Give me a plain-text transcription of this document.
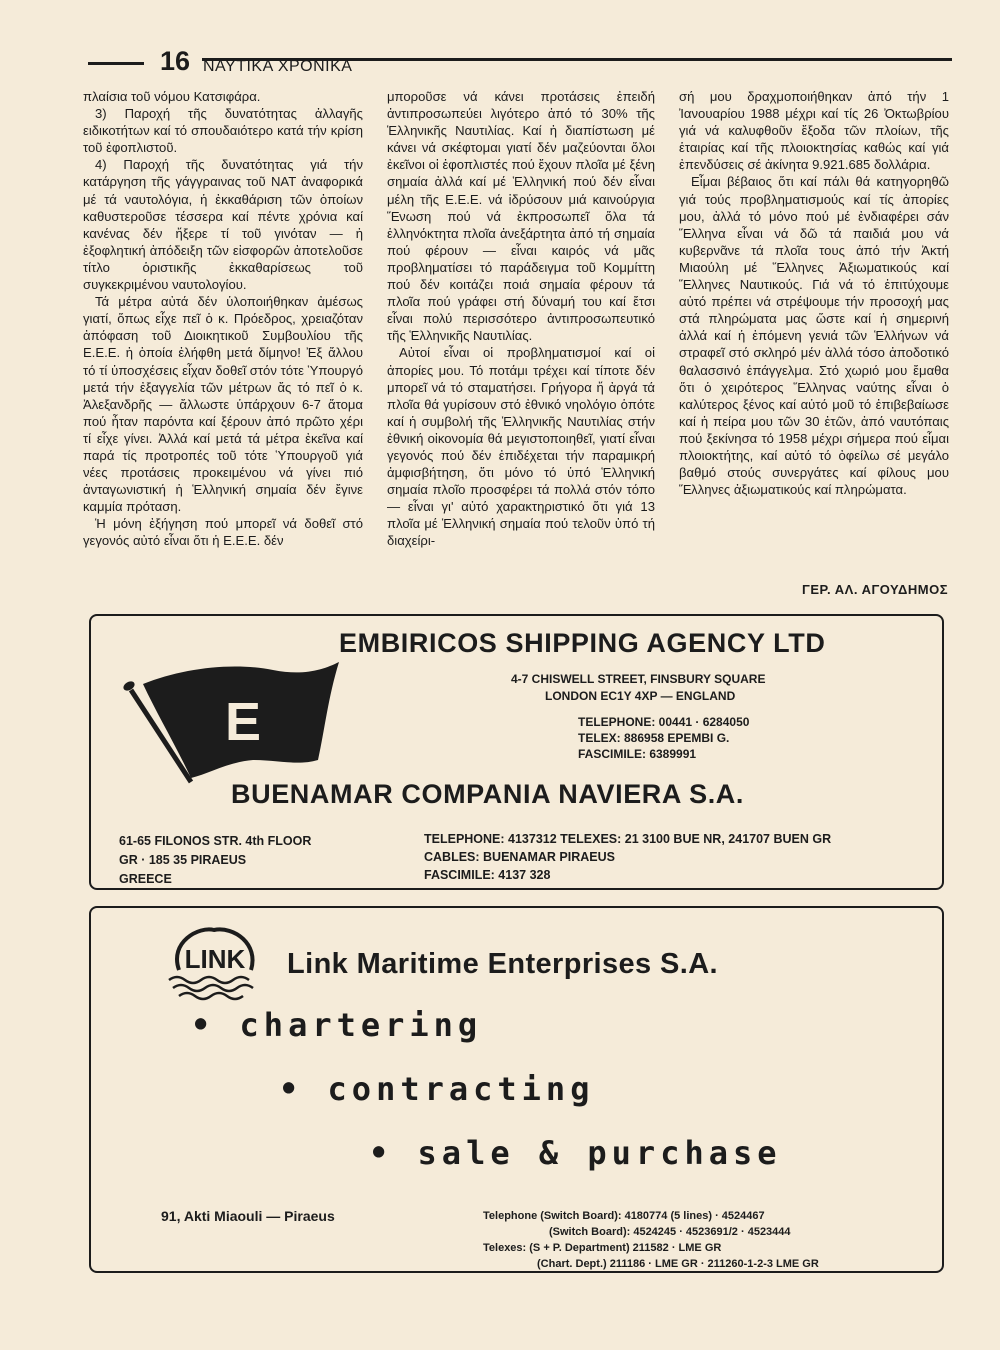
16 ΝΑΥΤΙΚΑ ΧΡΟΝΙΚΑ

πλαίσια τοῦ νόμου Κατσιφάρα.

3) Παροχή τῆς δυνατότητας ἀλλαγῆς ειδικοτήτων καί τό σπουδαιότερο κατά τήν κρίση τοῦ ἐφοπλιστοῦ.

4) Παροχή τῆς δυνατότητας γιά τήν κατάργηση τῆς γάγγραινας τοῦ ΝΑΤ ἀναφορικά μέ τά ναυτολόγια, ἡ ἐκκαθάριση τῶν ὁποίων καθυστεροῦσε τέσσερα καί πέντε χρόνια καί κανένας δέν ἤξερε τί τοῦ γινόταν — ἡ ἐξοφλητική ἀπόδειξη τῶν εἰσφορῶν ἀποτελοῦσε τίτλο ὁριστικῆς ἐκκαθαρίσεως τοῦ συγκεκριμένου ναυτολογίου.

Τά μέτρα αὐτά δέν ὑλοποιήθηκαν ἀμέσως γιατί, ὅπως εἶχε πεῖ ὁ κ. Πρόεδρος, χρειαζόταν ἀπόφαση τοῦ Διοικητικοῦ Συμβουλίου τῆς Ε.Ε.Ε. ἡ ὁποία ἐλήφθη μετά δίμηνο! Ἐξ ἄλλου τό τί ὑποσχέσεις εἶχαν δοθεῖ στόν τότε Ὑπουργό μετά τήν ἐξαγγελία τῶν μέτρων ἄς τό πεῖ ὁ κ. Ἀλεξανδρῆς — ἄλλωστε ὑπάρχουν 6-7 ἄτομα πού ἦταν παρόντα καί ξέρουν ἀπό πρῶτο χέρι τί εἶχε γίνει. Ἀλλά καί μετά τά μέτρα ἐκεῖνα καί παρά τίς προτροπές τοῦ τότε Ὑπουργοῦ γιά νέες προτάσεις προκειμένου νά γίνει πιό ἀνταγωνιστική ἡ Ἑλληνική σημαία δέν ἔγινε καμμία πρόταση.

Ἡ μόνη ἐξήγηση πού μπορεῖ νά δοθεῖ στό γεγονός αὐτό εἶναι ὅτι ἡ Ε.Ε.Ε. δέν

μποροῦσε νά κάνει προτάσεις ἐπειδή ἀντιπροσωπεύει λιγότερο ἀπό τό 30% τῆς Ἑλληνικῆς Ναυτιλίας. Καί ἡ διαπίστωση μέ κάνει νά σκέφτομαι γιατί δέν μαζεύονται ὅλοι ἐκεῖνοι οἱ ἐφοπλιστές πού ἔχουν πλοῖα μέ ξένη σημαία ἀλλά καί μέ Ἑλληνική πού δέν εἶναι μέλη τῆς Ε.Ε.Ε. νά ἱδρύσουν μιά καινούργια Ἕνωση πού νά ἐκπροσωπεῖ ὅλα τά ἑλληνόκτητα πλοῖα ἀνεξάρτητα ἀπό τή σημαία πού φέρουν — εἶναι καιρός νά μᾶς προβληματίσει τό παράδειγμα τοῦ Κομμίττη πού δέν κοιτάζει ποιά σημαία φέρουν τά πλοῖα πού γράφει στή δύναμή του καί ἔτσι εἶναι πολύ περισσότερο ἀντιπροσωπευτικό τῆς Ἑλληνικῆς Ναυτιλίας.

Αὐτοί εἶναι οἱ προβληματισμοί καί οἱ ἀπορίες μου. Τό ποτάμι τρέχει καί τίποτε δέν μπορεῖ νά τό σταματήσει. Γρήγορα ἤ ἀργά τά πλοῖα θά γυρίσουν στό ἐθνικό νηολόγιο ὁπότε καί ἡ συμβολή τῆς Ἑλληνικῆς Ναυτιλίας στήν ἐθνική οἰκονομία θά μεγιστοποιηθεῖ, γιατί εἶναι γεγονός πού δέν ἐπιδέχεται τήν παραμικρή ἀμφισβήτηση, ὅτι μόνο τό ὑπό Ἑλληνική σημαία πλοῖο προσφέρει τά πολλά στόν τόπο — εἶναι γι' αὐτό χαρακτηριστικό ὅτι γιά 13 πλοῖα μέ Ἑλληνική σημαία πού τελοῦν ὑπό τή διαχείρι-

σή μου δραχμοποιήθηκαν ἀπό τήν 1 Ἰανουαρίου 1988 μέχρι καί τίς 26 Ὀκτωβρίου γιά νά καλυφθοῦν ἔξοδα τῶν πλοίων, τῆς ἑταιρίας καί τῆς πλοιοκτησίας καθώς καί γιά ἐπενδύσεις σέ ἀκίνητα 9.921.685 δολλάρια.

Εἶμαι βέβαιος ὅτι καί πάλι θά κατηγορηθῶ γιά τούς προβληματισμούς καί τίς ἀπορίες μου, ἀλλά τό μόνο πού μέ ἐνδιαφέρει σάν Ἕλληνα εἶναι νά δῶ τά παιδιά μου νά κυβερνᾶνε τά πλοῖα τους ἀπό τήν Ἀκτή Μιαούλη μέ Ἕλληνες Ἀξιωματικούς καί Ἕλληνες Ναυτικούς. Γιά νά τό ἐπιτύχουμε αὐτό πρέπει νά στρέψουμε τήν προσοχή μας στά πληρώματα μας ὥστε καί ἡ σημερινή ἀλλά καί ἡ ἑπόμενη γενιά τῶν Ἑλλήνων νά στραφεῖ στό σκληρό μέν ἀλλά τόσο ἀποδοτικό θαλασσινό ἐπάγγελμα. Στό χωριό μου ἔμαθα ὅτι ὁ χειρότερος Ἕλληνας ναύτης εἶναι ὁ καλύτερος ξένος καί αὐτό μοῦ τό ἐπιβεβαίωσε καί ἡ πείρα μου τῶν 30 ἐτῶν, ἀπό ναυτόπαις πού ξεκίνησα τό 1958 μέχρι σήμερα πού εἶμαι πλοιοκτήτης, καί αὐτό τό ὀφείλω σέ μεγάλο βαθμό στούς συνεργάτες καί φίλους μου Ἕλληνες ἀξιωματικούς καί πληρώματα.

ΓΕΡ. ΑΛ. ΑΓΟΥΔΗΜΟΣ
EMBIRICOS SHIPPING AGENCY LTD
E
4-7 CHISWELL STREET, FINSBURY SQUARE
LONDON EC1Y 4XP — ENGLAND
TELEPHONE: 00441 · 6284050
TELEX: 886958 EPEMBI G.
FASCIMILE: 6389991
BUENAMAR COMPANIA NAVIERA S.A.
61-65 FILONOS STR. 4th FLOOR
GR · 185 35 PIRAEUS
GREECE
TELEPHONE: 4137312 TELEXES: 21 3100 BUE NR, 241707 BUEN GR
CABLES: BUENAMAR PIRAEUS
FASCIMILE: 4137 328
LINK Link Maritime Enterprises S.A.
• chartering
• contracting
• sale & purchase
91, Akti Miaouli — Piraeus	Telephone (Switch Board): 4180774 (5 lines) · 4524467
(Switch Board): 4524245 · 4523691/2 · 4523444
Telexes: (S + P. Department) 211582 · LME GR
(Chart. Dept.) 211186 · LME GR · 211260-1-2-3 LME GR
